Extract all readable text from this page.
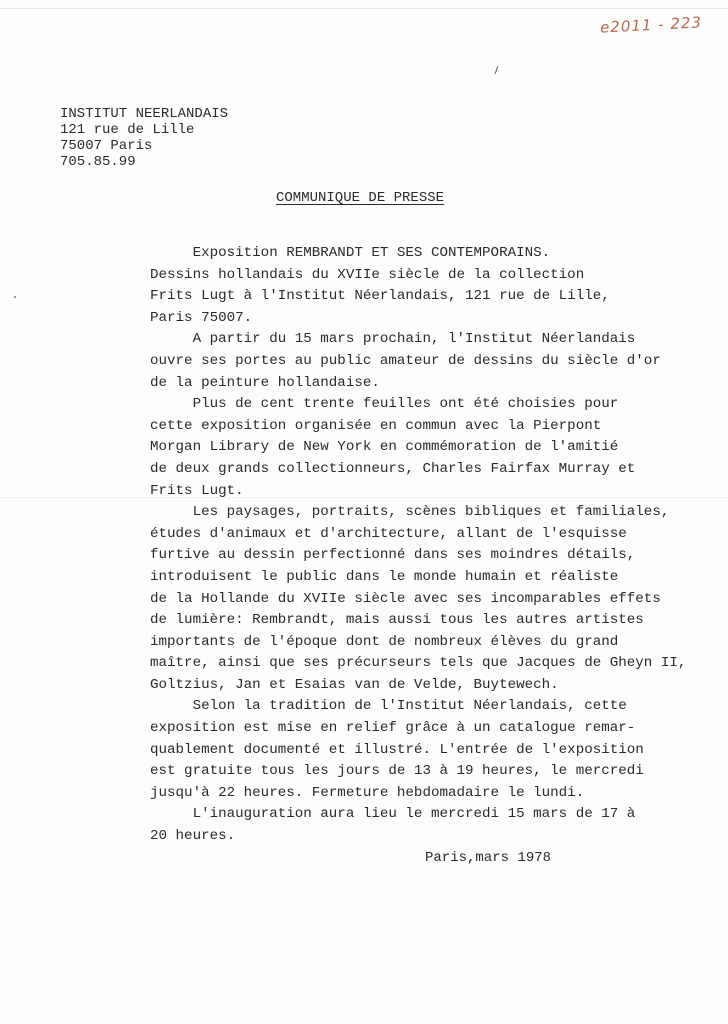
e2011 - 223
INSTITUT NEERLANDAIS
121 rue de Lille
75007 Paris
705.85.99
COMMUNIQUE DE PRESSE
Exposition REMBRANDT ET SES CONTEMPORAINS.
Dessins hollandais du XVIIe siècle de la collection
Frits Lugt à l'Institut Néerlandais, 121 rue de Lille,
Paris 75007.
A partir du 15 mars prochain, l'Institut Néerlandais
ouvre ses portes au public amateur de dessins du siècle d'or
de la peinture hollandaise.
Plus de cent trente feuilles ont été choisies pour
cette exposition organisée en commun avec la Pierpont
Morgan Library de New York en commémoration de l'amitié
de deux grands collectionneurs, Charles Fairfax Murray et
Frits Lugt.
Les paysages, portraits, scènes bibliques et familiales,
études d'animaux et d'architecture, allant de l'esquisse
furtive au dessin perfectionné dans ses moindres détails,
introduisent le public dans le monde humain et réaliste
de la Hollande du XVIIe siècle avec ses incomparables effets
de lumière: Rembrandt, mais aussi tous les autres artistes
importants de l'époque dont de nombreux élèves du grand
maître, ainsi que ses précurseurs tels que Jacques de Gheyn II,
Goltzius, Jan et Esaias van de Velde, Buytewech.
Selon la tradition de l'Institut Néerlandais, cette
exposition est mise en relief grâce à un catalogue remar-
quablement documenté et illustré. L'entrée de l'exposition
est gratuite tous les jours de 13 à 19 heures, le mercredi
jusqu'à 22 heures. Fermeture hebdomadaire le lundi.
L'inauguration aura lieu le mercredi 15 mars de 17 à
20 heures.
Paris,mars 1978
